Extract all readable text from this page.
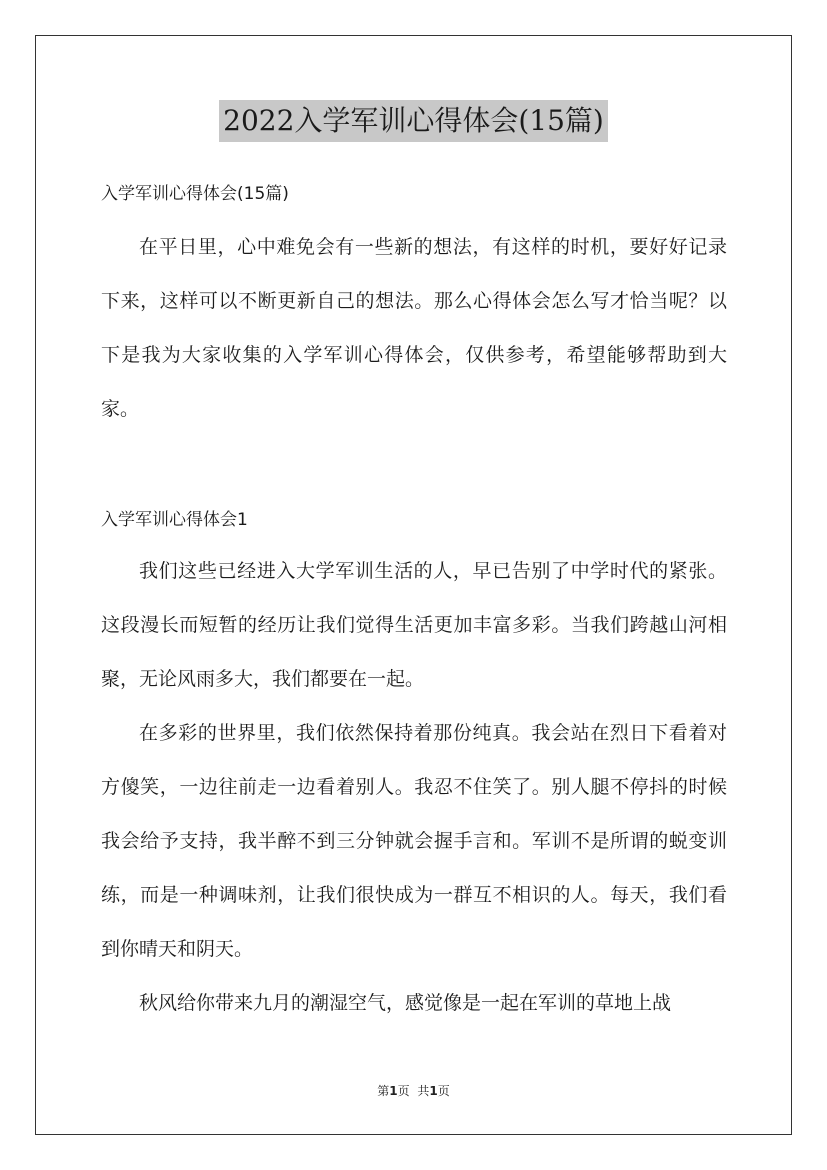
2022入学军训心得体会(15篇)
入学军训心得体会(15篇)

在平日里，心中难免会有一些新的想法，有这样的时机，要好好记录下来，这样可以不断更新自己的想法。那么心得体会怎么写才恰当呢？以下是我为大家收集的入学军训心得体会，仅供参考，希望能够帮助到大家。

入学军训心得体会1

我们这些已经进入大学军训生活的人，早已告别了中学时代的紧张。这段漫长而短暂的经历让我们觉得生活更加丰富多彩。当我们跨越山河相聚，无论风雨多大，我们都要在一起。

在多彩的世界里，我们依然保持着那份纯真。我会站在烈日下看着对方傻笑，一边往前走一边看着别人。我忍不住笑了。别人腿不停抖的时候我会给予支持，我半醉不到三分钟就会握手言和。军训不是所谓的蜕变训练，而是一种调味剂，让我们很快成为一群互不相识的人。每天，我们看到你晴天和阴天。

秋风给你带来九月的潮湿空气，感觉像是一起在军训的草地上战

第1页 共1页
